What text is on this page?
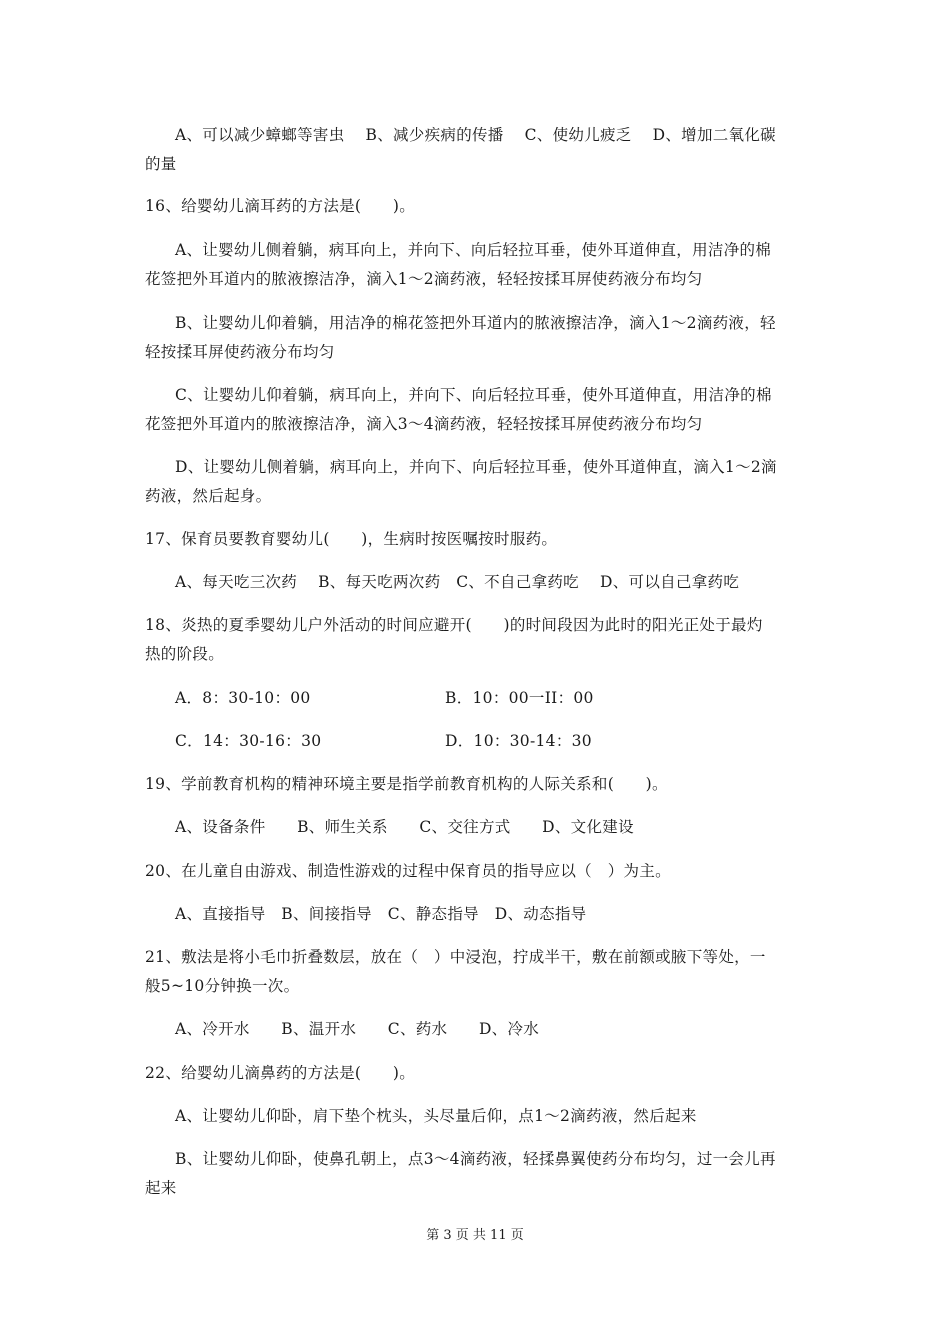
A、可以减少蟑螂等害虫　 B、减少疾病的传播　 C、使幼儿疲乏　 D、增加二氧化碳
的量
16、给婴幼儿滴耳药的方法是(　　)。
A、让婴幼儿侧着躺，病耳向上，并向下、向后轻拉耳垂，使外耳道伸直，用洁净的棉
花签把外耳道内的脓液擦洁净，滴入1～2滴药液，轻轻按揉耳屏使药液分布均匀
B、让婴幼儿仰着躺，用洁净的棉花签把外耳道内的脓液擦洁净，滴入1～2滴药液，轻
轻按揉耳屏使药液分布均匀
C、让婴幼儿仰着躺，病耳向上，并向下、向后轻拉耳垂，使外耳道伸直，用洁净的棉
花签把外耳道内的脓液擦洁净，滴入3～4滴药液，轻轻按揉耳屏使药液分布均匀
D、让婴幼儿侧着躺，病耳向上，并向下、向后轻拉耳垂，使外耳道伸直，滴入1～2滴
药液，然后起身。
17、保育员要教育婴幼儿(　　)，生病时按医嘱按时服药。
A、每天吃三次药　 B、每天吃两次药　C、不自己拿药吃　 D、可以自己拿药吃
18、炎热的夏季婴幼儿户外活动的时间应避开(　　)的时间段因为此时的阳光正处于最灼
热的阶段。
A．8：30-10：00	B．10：00一II：00
C．14：30-16：30	D．10：30-14：30
19、学前教育机构的精神环境主要是指学前教育机构的人际关系和(　　)。
A、设备条件　　B、师生关系　　C、交往方式　　D、文化建设
20、在儿童自由游戏、制造性游戏的过程中保育员的指导应以（　）为主。
A、直接指导　B、间接指导　C、静态指导　D、动态指导
21、敷法是将小毛巾折叠数层，放在（　）中浸泡，拧成半干，敷在前额或腋下等处，一
般5~10分钟换一次。
A、冷开水　　B、温开水　　C、药水　　D、冷水
22、给婴幼儿滴鼻药的方法是(　　)。
A、让婴幼儿仰卧，肩下垫个枕头，头尽量后仰，点1～2滴药液，然后起来
B、让婴幼儿仰卧，使鼻孔朝上，点3～4滴药液，轻揉鼻翼使药分布均匀，过一会儿再
起来
第 3 页 共 11 页
